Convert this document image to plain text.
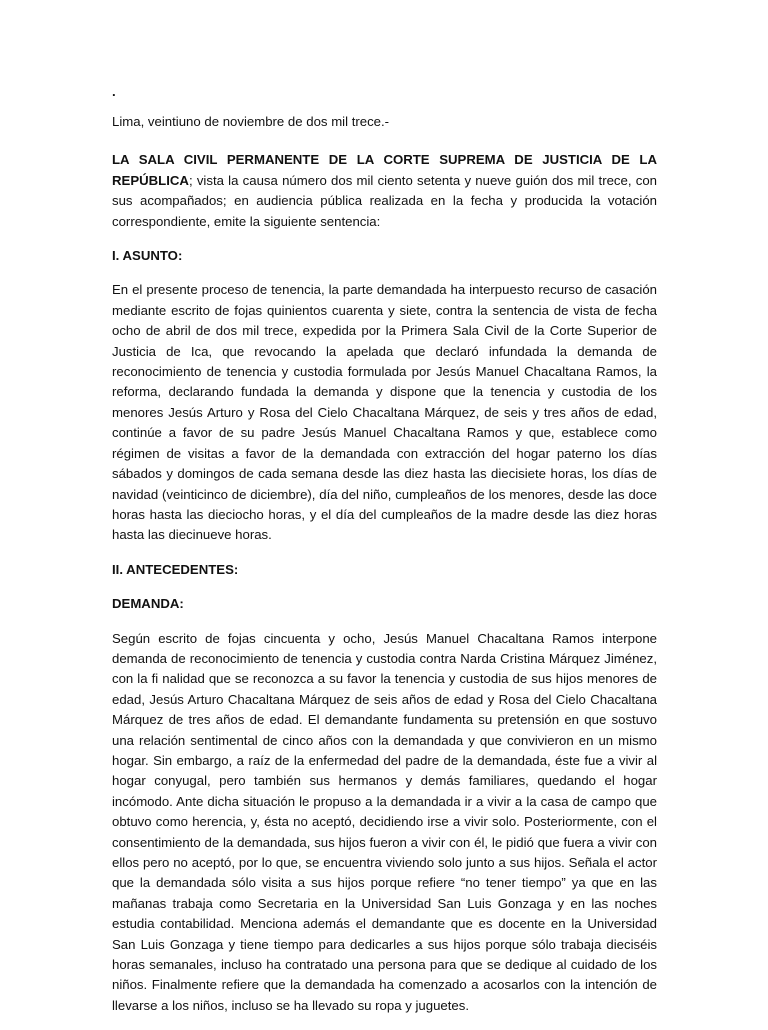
.

Lima, veintiuno de noviembre de dos mil trece.-

LA SALA CIVIL PERMANENTE DE LA CORTE SUPREMA DE JUSTICIA DE LA REPÚBLICA; vista la causa número dos mil ciento setenta y nueve guión dos mil trece, con sus acompañados; en audiencia pública realizada en la fecha y producida la votación correspondiente, emite la siguiente sentencia:

I. ASUNTO:

En el presente proceso de tenencia, la parte demandada ha interpuesto recurso de casación mediante escrito de fojas quinientos cuarenta y siete, contra la sentencia de vista de fecha ocho de abril de dos mil trece, expedida por la Primera Sala Civil de la Corte Superior de Justicia de Ica, que revocando la apelada que declaró infundada la demanda de reconocimiento de tenencia y custodia formulada por Jesús Manuel Chacaltana Ramos, la reforma, declarando fundada la demanda y dispone que la tenencia y custodia de los menores Jesús Arturo y Rosa del Cielo Chacaltana Márquez, de seis y tres años de edad, continúe a favor de su padre Jesús Manuel Chacaltana Ramos y que, establece como régimen de visitas a favor de la demandada con extracción del hogar paterno los días sábados y domingos de cada semana desde las diez hasta las diecisiete horas, los días de navidad (veinticinco de diciembre), día del niño, cumpleaños de los menores, desde las doce horas hasta las dieciocho horas, y el día del cumpleaños de la madre desde las diez horas hasta las diecinueve horas.

II. ANTECEDENTES:

DEMANDA:

Según escrito de fojas cincuenta y ocho, Jesús Manuel Chacaltana Ramos interpone demanda de reconocimiento de tenencia y custodia contra Narda Cristina Márquez Jiménez, con la fi nalidad que se reconozca a su favor la tenencia y custodia de sus hijos menores de edad, Jesús Arturo Chacaltana Márquez de seis años de edad y Rosa del Cielo Chacaltana Márquez de tres años de edad. El demandante fundamenta su pretensión en que sostuvo una relación sentimental de cinco años con la demandada y que convivieron en un mismo hogar. Sin embargo, a raíz de la enfermedad del padre de la demandada, éste fue a vivir al hogar conyugal, pero también sus hermanos y demás familiares, quedando el hogar incómodo. Ante dicha situación le propuso a la demandada ir a vivir a la casa de campo que obtuvo como herencia, y, ésta no aceptó, decidiendo irse a vivir solo. Posteriormente, con el consentimiento de la demandada, sus hijos fueron a vivir con él, le pidió que fuera a vivir con ellos pero no aceptó, por lo que, se encuentra viviendo solo junto a sus hijos. Señala el actor que la demandada sólo visita a sus hijos porque refiere “no tener tiempo” ya que en las mañanas trabaja como Secretaria en la Universidad San Luis Gonzaga y en las noches estudia contabilidad. Menciona además el demandante que es docente en la Universidad San Luis Gonzaga y tiene tiempo para dedicarles a sus hijos porque sólo trabaja dieciséis horas semanales, incluso ha contratado una persona para que se dedique al cuidado de los niños. Finalmente refiere que la demandada ha comenzado a acosarlos con la intención de llevarse a los niños, incluso se ha llevado su ropa y juguetes.
